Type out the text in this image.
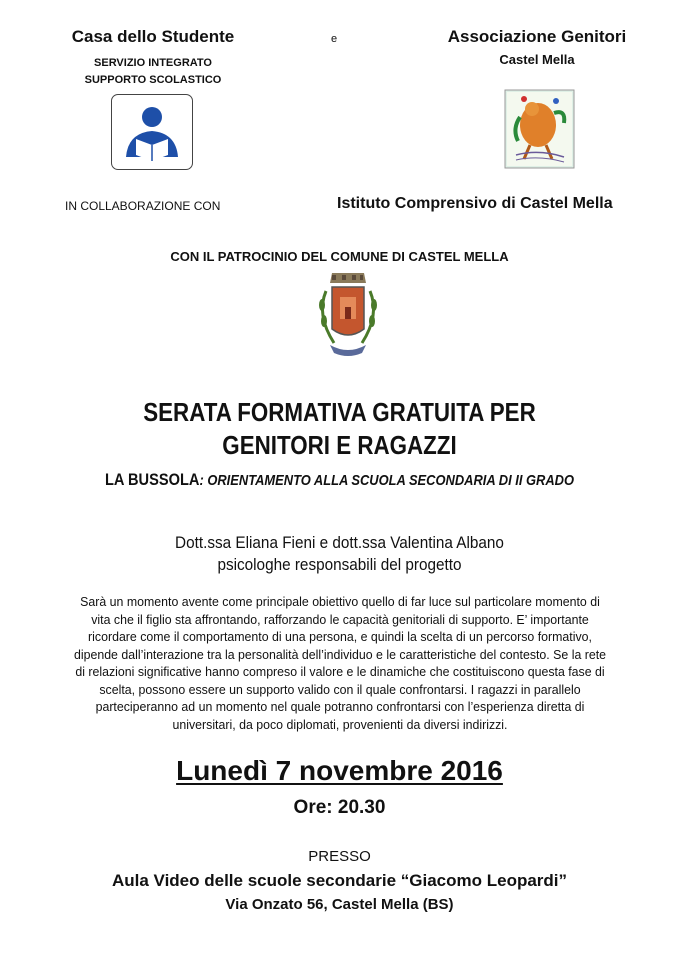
Casa dello Studente	e	Associazione Genitori
SERVIZIO INTEGRATO
SUPPORTO SCOLASTICO
Castel Mella
IN COLLABORAZIONE CON	Istituto Comprensivo di Castel Mella
CON IL PATROCINIO DEL COMUNE DI CASTEL MELLA
SERATA FORMATIVA GRATUITA PER
GENITORI E RAGAZZI
LA BUSSOLA: ORIENTAMENTO ALLA SCUOLA SECONDARIA DI II GRADO
Dott.ssa Eliana Fieni e dott.ssa Valentina Albano
psicologhe responsabili del progetto
Sarà un momento avente come principale obiettivo quello di far luce sul particolare momento di vita che il figlio sta affrontando, rafforzando le capacità genitoriali di supporto. E’ importante ricordare come il comportamento di una persona, e quindi la scelta di un percorso formativo, dipende dall’interazione tra la personalità dell’individuo e le caratteristiche del contesto. Se la rete di relazioni significative hanno compreso il valore e le dinamiche che costituiscono questa fase di scelta, possono essere un supporto valido con il quale confrontarsi. I ragazzi in parallelo parteciperanno ad un momento nel quale potranno confrontarsi con l’esperienza diretta di universitari, da poco diplomati, provenienti da diversi indirizzi.
Lunedì 7 novembre 2016
Ore: 20.30
PRESSO
Aula Video delle scuole secondarie “Giacomo Leopardi”
Via Onzato 56, Castel Mella (BS)
